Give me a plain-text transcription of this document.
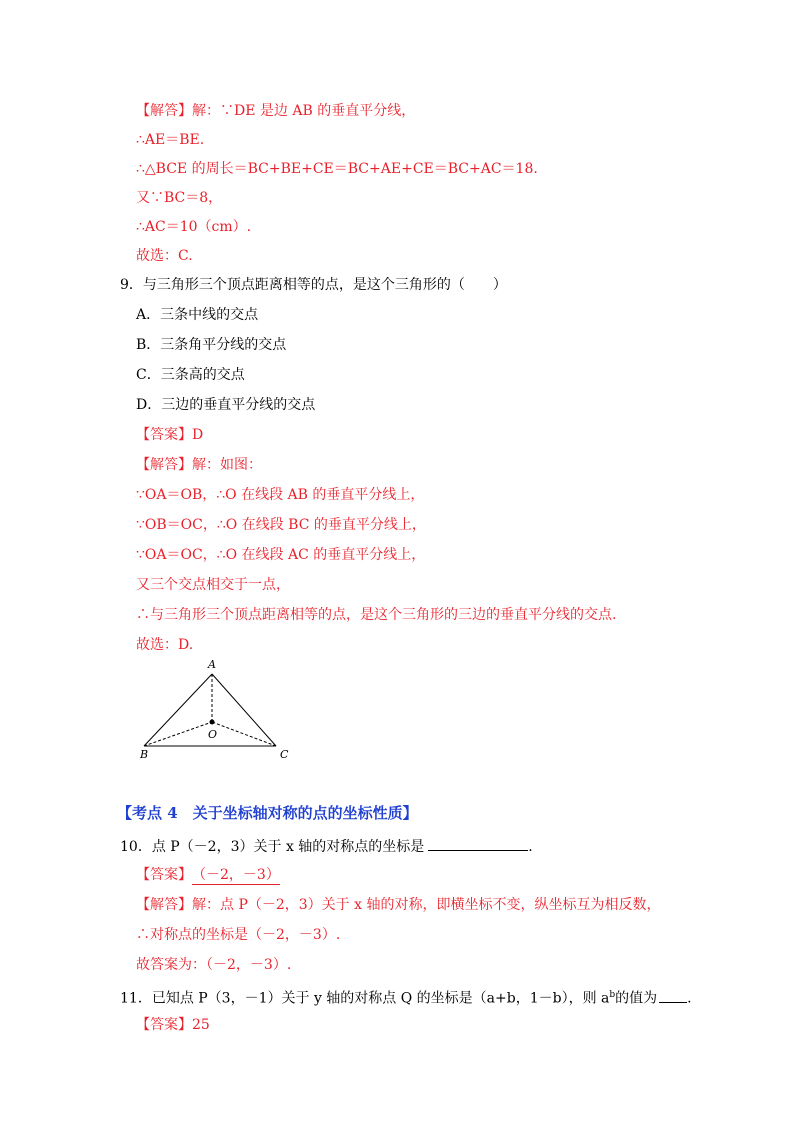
【解答】解：∵DE 是边 AB 的垂直平分线，
∴AE＝BE.
∴△BCE 的周长＝BC+BE+CE＝BC+AE+CE＝BC+AC＝18.
又∵BC＝8，
∴AC＝10（cm）.
故选：C.
9．与三角形三个顶点距离相等的点，是这个三角形的（　　）
A．三条中线的交点
B．三条角平分线的交点
C．三条高的交点
D．三边的垂直平分线的交点
【答案】D
【解答】解：如图：
∵OA＝OB，∴O 在线段 AB 的垂直平分线上，
∵OB＝OC，∴O 在线段 BC 的垂直平分线上，
∵OA＝OC，∴O 在线段 AC 的垂直平分线上，
又三个交点相交于一点，
∴与三角形三个顶点距离相等的点，是这个三角形的三边的垂直平分线的交点.
故选：D.
A
B	C
O
【考点 4　关于坐标轴对称的点的坐标性质】
10．点 P（－2，3）关于 x 轴的对称点的坐标是	.
【答案】（－2，－3）
【解答】解：点 P（－2，3）关于 x 轴的对称，即横坐标不变，纵坐标互为相反数，
∴对称点的坐标是（－2，－3）.
故答案为：（－2，－3）.
11．已知点 P（3，－1）关于 y 轴的对称点 Q 的坐标是（a+b，1－b），则 $a^b$的值为 .
【答案】25
